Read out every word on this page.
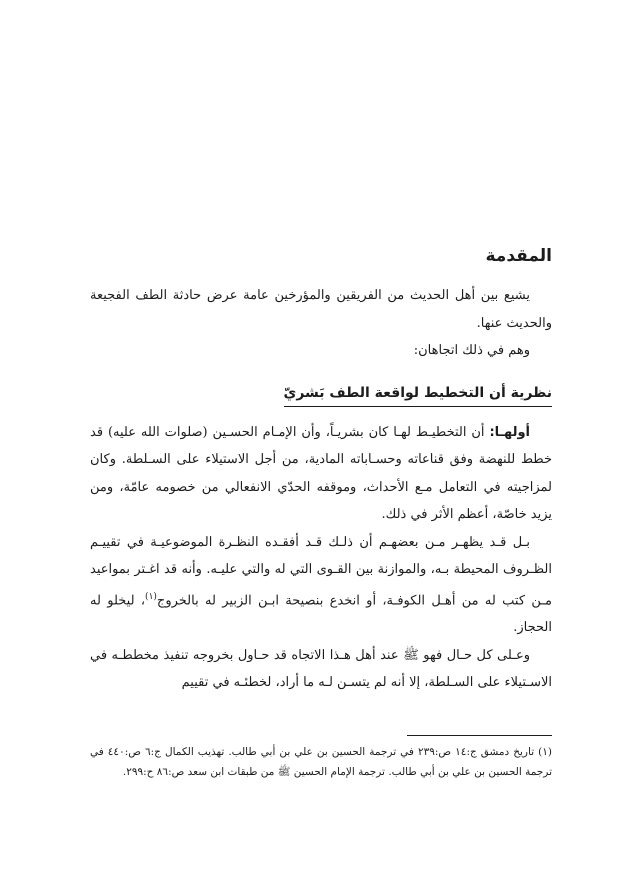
المقدمة

يشيع بين أهل الحديث من الفريقين والمؤرخين عامة عرض حادثة الطف الفجيعة والحديث عنها.

وهم في ذلك اتجاهان:

نظرية أن التخطيط لواقعة الطف بَشريّ

أولهـا: أن التخطيـط لهـا كان بشريـاً، وأن الإمـام الحسـين (صلوات الله عليه) قد خطط للنهضة وفق قناعاته وحسـاباته المادية، من أجل الاستيلاء على السـلطة. وكان لمزاجيته في التعامل مـع الأحداث، وموقفه الحدّي الانفعالي من خصومه عامّة، ومن يزيد خاصّة، أعظم الأثر في ذلك.

بـل قـد يظهـر مـن بعضهـم أن ذلـك قـد أفقـده النظـرة الموضوعيـة في تقييـم الظـروف المحيطة بـه، والموازنة بين القـوى التي له والتي عليـه. وأنه قد اغـتر بمواعيد مـن كتب له من أهـل الكوفـة، أو انخدع بنصيحة ابـن الزبير له بالخروج$^{(١)}$، ليخلو له الحجاز.

وعـلى كل حـال فهو ﷺ عند أهل هـذا الاتجاه قد حـاول بخروجه تنفيذ مخططـه في الاسـتيلاء على السـلطة، إلا أنه لم يتسـن لـه ما أراد، لخطئـه في تقييم

(١) تاريخ دمشق ج:١٤ ص:٢٣٩ في ترجمة الحسين بن علي بن أبي طالب. تهذيب الكمال ج:٦ ص:٤٤٠ في ترجمة الحسين بن علي بن أبي طالب. ترجمة الإمام الحسين ﷺ من طبقات ابن سعد ص:٨٦ ح:٢٩٩.
